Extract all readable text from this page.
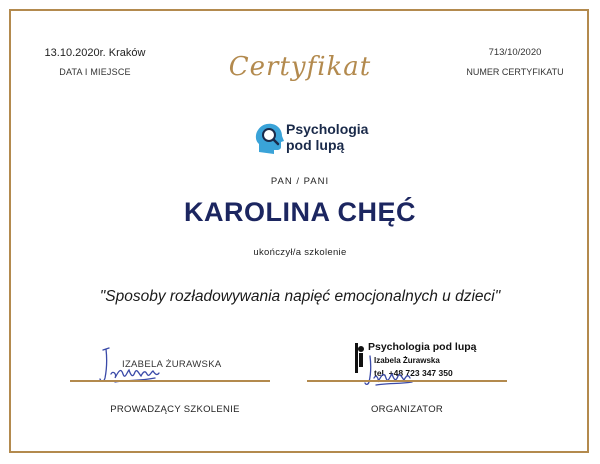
13.10.2020r. Kraków
DATA I MIEJSCE
713/10/2020
NUMER CERTYFIKATU
Certyfikat
Psychologia
pod lupą
PAN / PANI
KAROLINA CHĘĆ
ukończył/a szkolenie
"Sposoby rozładowywania napięć emocjonalnych u dzieci"
IZABELA ŻURAWSKA
Psychologia pod lupą
Izabela Żurawska
tel. +48 723 347 350
PROWADZĄCY SZKOLENIE	ORGANIZATOR
